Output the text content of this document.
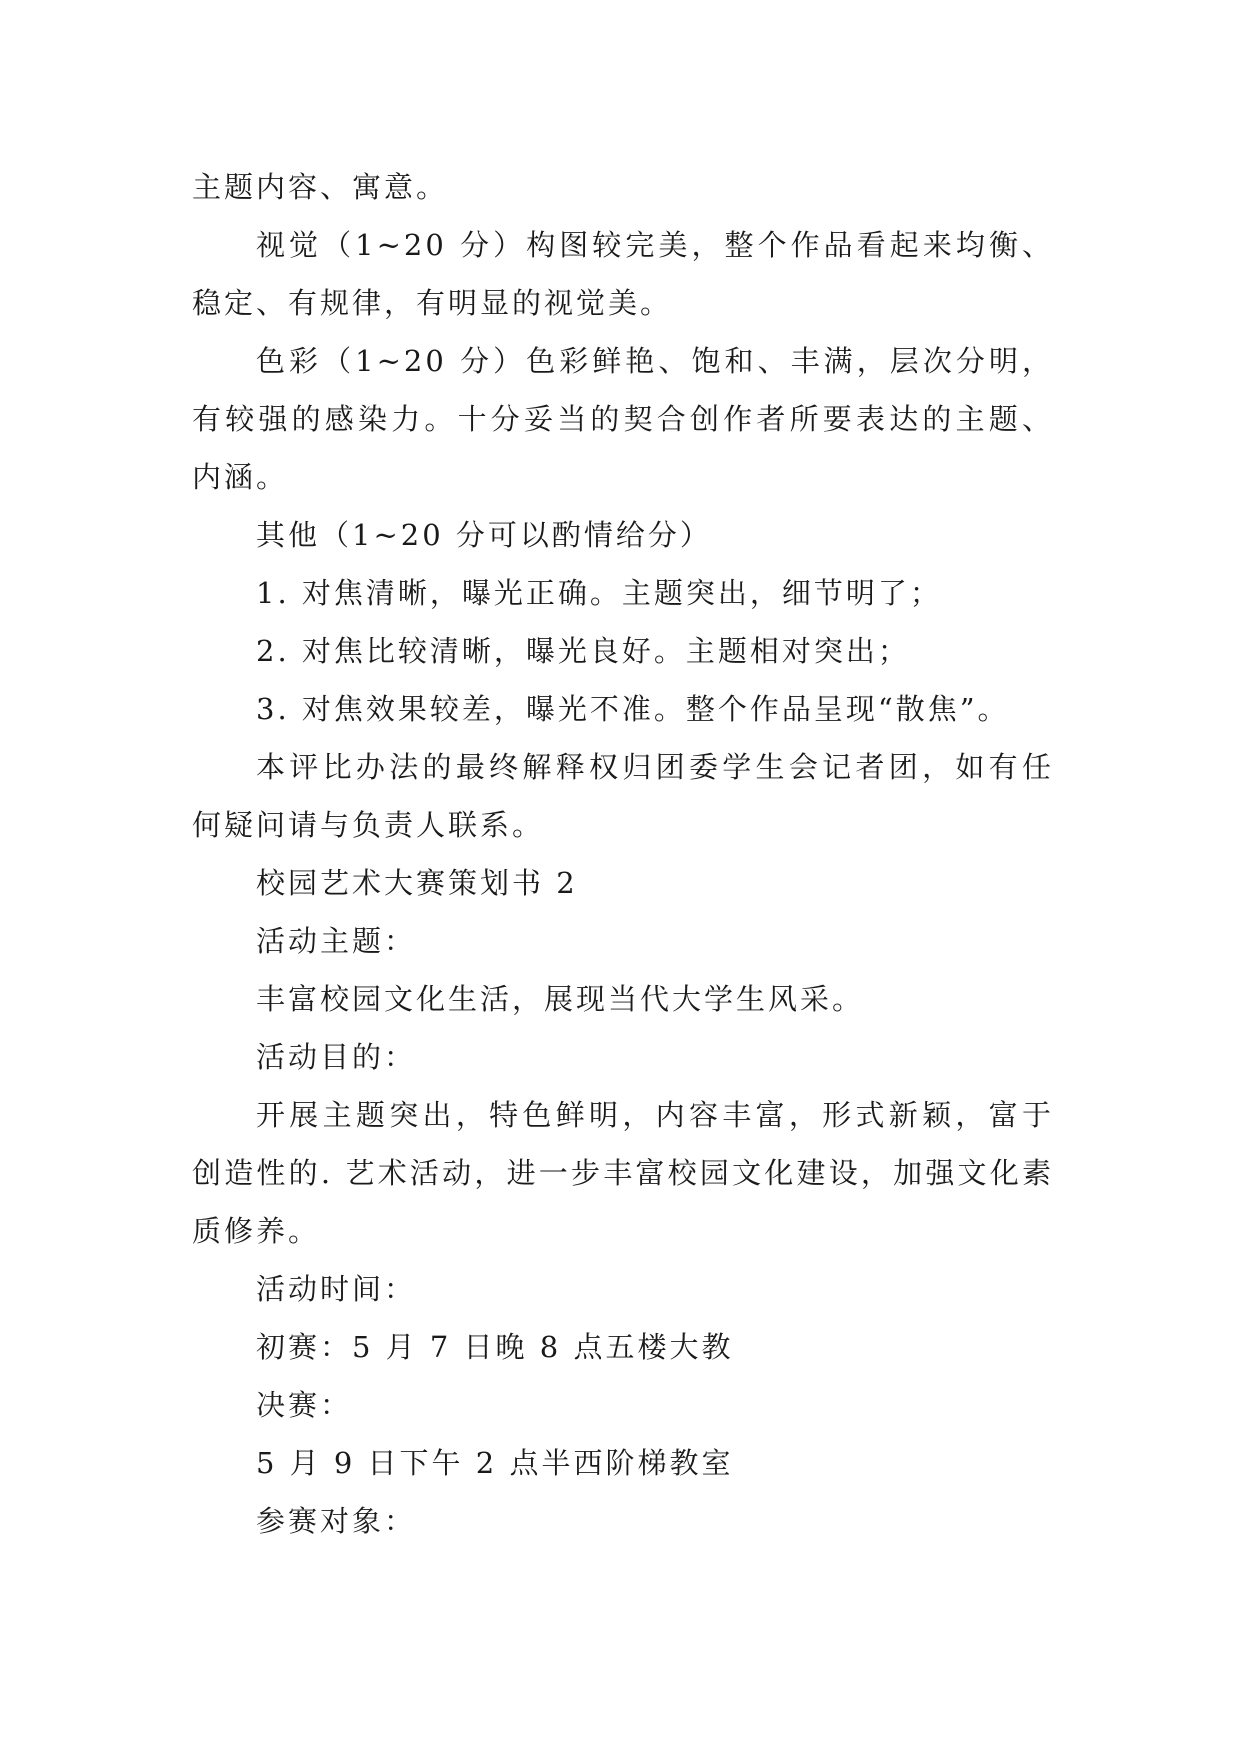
主题内容、寓意。

视觉（1~20 分）构图较完美，整个作品看起来均衡、稳定、有规律，有明显的视觉美。

色彩（1~20 分）色彩鲜艳、饱和、丰满，层次分明，有较强的感染力。十分妥当的契合创作者所要表达的主题、内涵。

其他（1~20 分可以酌情给分）

1. 对焦清晰，曝光正确。主题突出，细节明了；

2. 对焦比较清晰，曝光良好。主题相对突出；

3. 对焦效果较差，曝光不准。整个作品呈现“散焦”。

本评比办法的最终解释权归团委学生会记者团，如有任何疑问请与负责人联系。

校园艺术大赛策划书 2

活动主题：

丰富校园文化生活，展现当代大学生风采。

活动目的：

开展主题突出，特色鲜明，内容丰富，形式新颖，富于创造性的. 艺术活动，进一步丰富校园文化建设，加强文化素质修养。

活动时间：

初赛：5 月 7 日晚 8 点五楼大教

决赛：

5 月 9 日下午 2 点半西阶梯教室

参赛对象：
